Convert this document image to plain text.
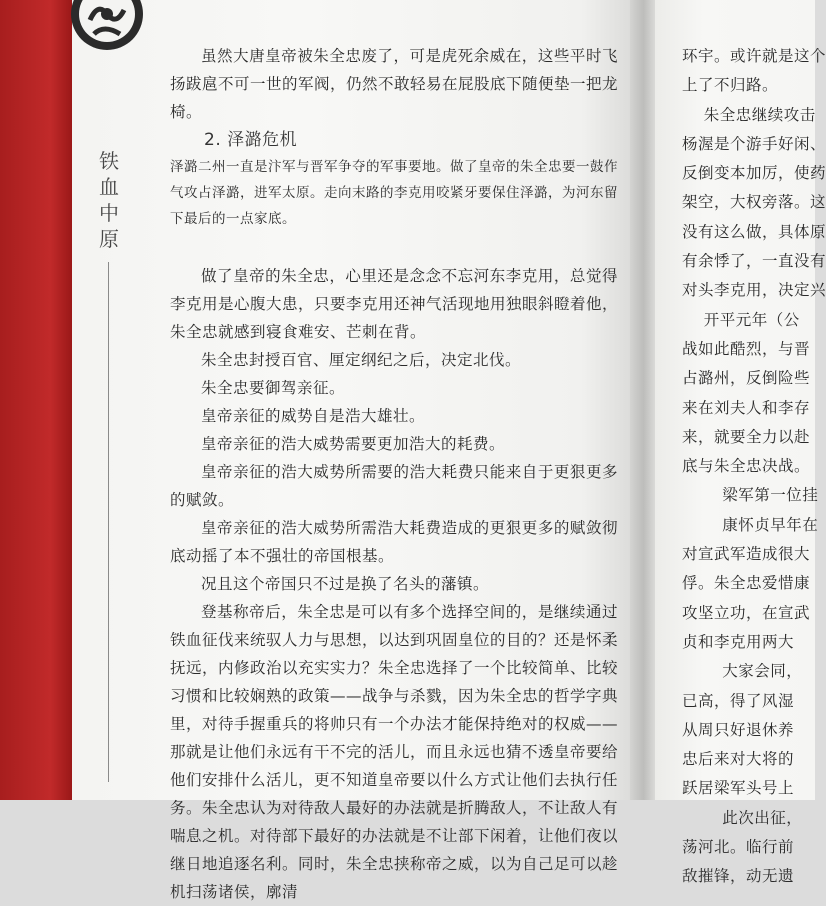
铁血中原

虽然大唐皇帝被朱全忠废了，可是虎死余威在，这些平时飞扬跋扈不可一世的军阀，仍然不敢轻易在屁股底下随便垫一把龙椅。

2. 泽潞危机

泽潞二州一直是汴军与晋军争夺的军事要地。做了皇帝的朱全忠要一鼓作气攻占泽潞，进军太原。走向末路的李克用咬紧牙要保住泽潞，为河东留下最后的一点家底。

做了皇帝的朱全忠，心里还是念念不忘河东李克用，总觉得李克用是心腹大患，只要李克用还神气活现地用独眼斜瞪着他，朱全忠就感到寝食难安、芒刺在背。

朱全忠封授百官、厘定纲纪之后，决定北伐。

朱全忠要御驾亲征。

皇帝亲征的威势自是浩大雄壮。

皇帝亲征的浩大威势需要更加浩大的耗费。

皇帝亲征的浩大威势所需要的浩大耗费只能来自于更狠更多的赋敛。

皇帝亲征的浩大威势所需浩大耗费造成的更狠更多的赋敛彻底动摇了本不强壮的帝国根基。

况且这个帝国只不过是换了名头的藩镇。

登基称帝后，朱全忠是可以有多个选择空间的，是继续通过铁血征伐来统驭人力与思想，以达到巩固皇位的目的？还是怀柔抚远，内修政治以充实实力？朱全忠选择了一个比较简单、比较习惯和比较娴熟的政策——战争与杀戮，因为朱全忠的哲学字典里，对待手握重兵的将帅只有一个办法才能保持绝对的权威——那就是让他们永远有干不完的活儿，而且永远也猜不透皇帝要给他们安排什么活儿，更不知道皇帝要以什么方式让他们去执行任务。朱全忠认为对待敌人最好的办法就是折腾敌人，不让敌人有喘息之机。对待部下最好的办法就是不让部下闲着，让他们夜以继日地追逐名利。同时，朱全忠挟称帝之威，以为自己足可以趁机扫荡诸侯，廓清

环宇。或许就是这个
上了不归路。
朱全忠继续攻击
杨渥是个游手好闲、
反倒变本加厉，使药
架空，大权旁落。这
没有这么做，具体原
有余悸了，一直没有
对头李克用，决定兴
开平元年（公
战如此酷烈，与晋
占潞州，反倒险些
来在刘夫人和李存
来，就要全力以赴
底与朱全忠决战。
梁军第一位挂
康怀贞早年在
对宣武军造成很大
俘。朱全忠爱惜康
攻坚立功，在宣武
贞和李克用两大
大家会同，
已高，得了风湿
从周只好退休养
忠后来对大将的
跃居梁军头号上
此次出征，
荡河北。临行前
敌摧锋，动无遗
